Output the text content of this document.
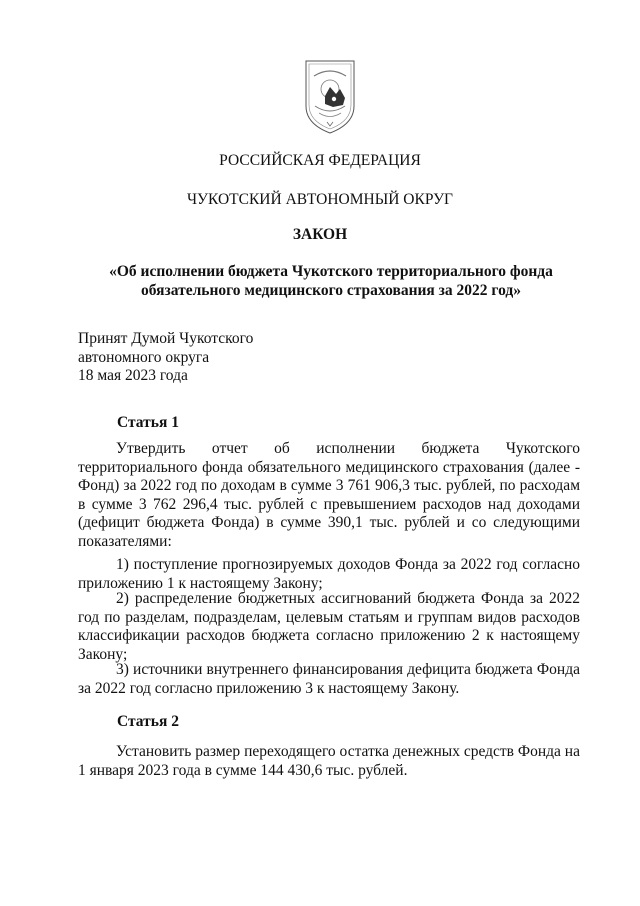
РОССИЙСКАЯ ФЕДЕРАЦИЯ
ЧУКОТСКИЙ АВТОНОМНЫЙ ОКРУГ
ЗАКОН
«Об исполнении бюджета Чукотского территориального фонда обязательного медицинского страхования за 2022 год»
Принят Думой Чукотского
автономного округа
18 мая 2023 года
Статья 1

Утвердить отчет об исполнении бюджета Чукотского территориального фонда обязательного медицинского страхования (далее - Фонд) за 2022 год по доходам в сумме 3 761 906,3 тыс. рублей, по расходам в сумме 3 762 296,4 тыс. рублей с превышением расходов над доходами (дефицит бюджета Фонда) в сумме 390,1 тыс. рублей и со следующими показателями:

1) поступление прогнозируемых доходов Фонда за 2022 год согласно приложению 1 к настоящему Закону;

2) распределение бюджетных ассигнований бюджета Фонда за 2022 год по разделам, подразделам, целевым статьям и группам видов расходов классификации расходов бюджета согласно приложению 2 к настоящему Закону;

3) источники внутреннего финансирования дефицита бюджета Фонда за 2022 год согласно приложению 3 к настоящему Закону.

Статья 2

Установить размер переходящего остатка денежных средств Фонда на 1 января 2023 года в сумме 144 430,6 тыс. рублей.
